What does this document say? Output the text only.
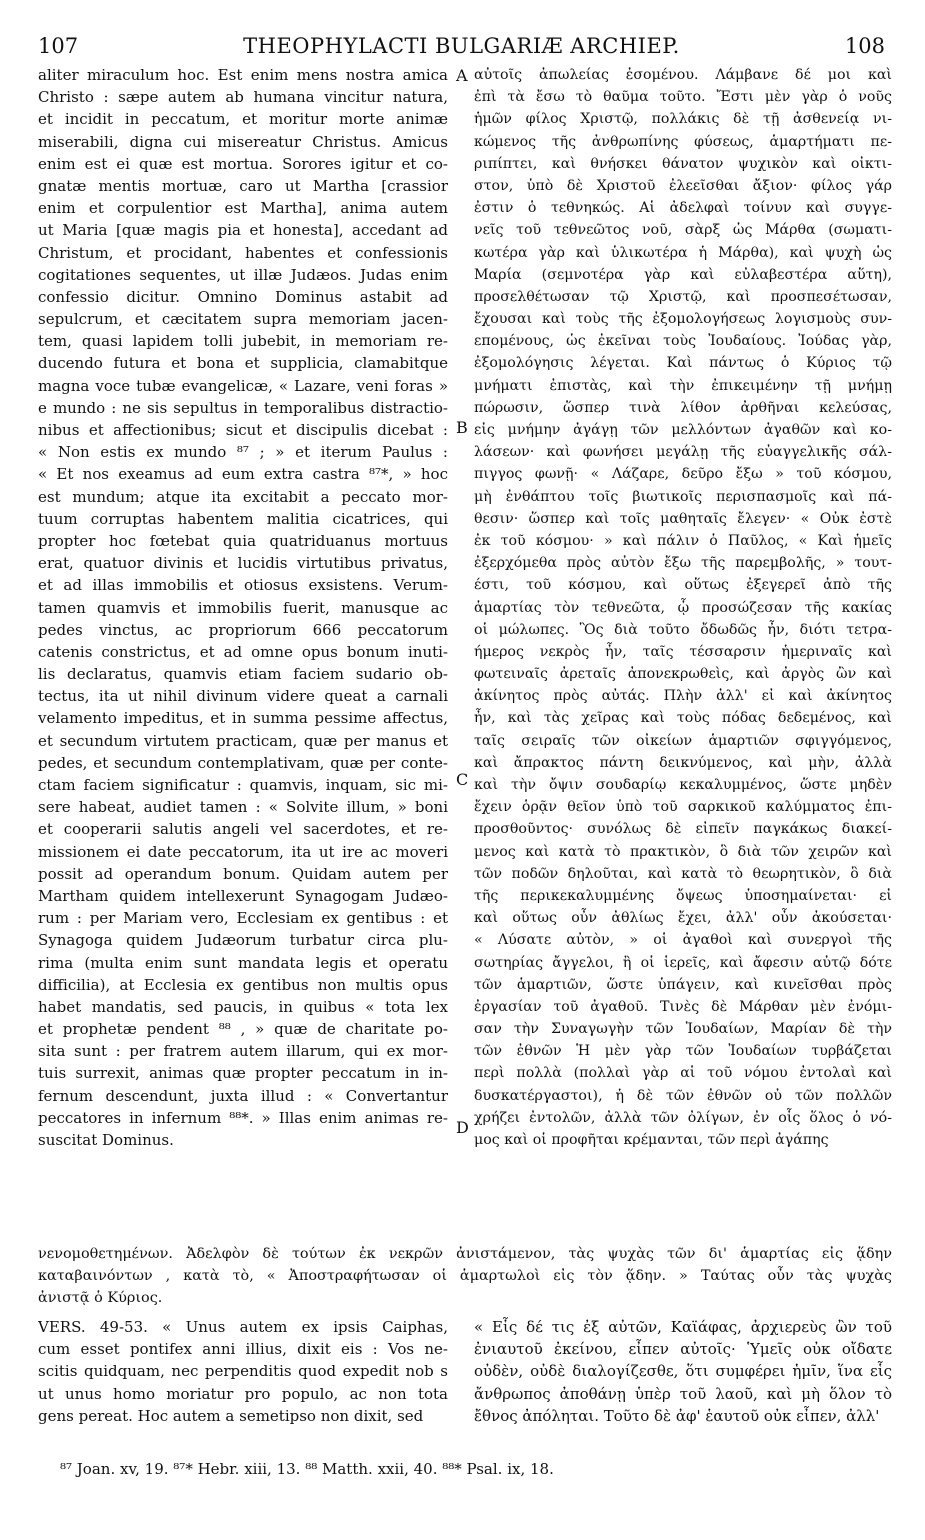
107	THEOPHYLACTI BULGARIÆ ARCHIEP.	108
aliter miraculum hoc. Est enim mens nostra amica
Christo : sæpe autem ab humana vincitur natura,
et incidit in peccatum, et moritur morte animæ
miserabili, digna cui misereatur Christus. Amicus
enim est ei quæ est mortua. Sorores igitur et co-
gnatæ mentis mortuæ, caro ut Martha [crassior
enim et corpulentior est Martha], anima autem
ut Maria [quæ magis pia et honesta], accedant ad
Christum, et procidant, habentes et confessionis
cogitationes sequentes, ut illæ Judæos. Judas enim
confessio dicitur. Omnino Dominus astabit ad
sepulcrum, et cæcitatem supra memoriam jacen-
tem, quasi lapidem tolli jubebit, in memoriam re-
ducendo futura et bona et supplicia, clamabitque
magna voce tubæ evangelicæ, « Lazare, veni foras »
e mundo : ne sis sepultus in temporalibus distractio-
nibus et affectionibus; sicut et discipulis dicebat :
« Non estis ex mundo ⁸⁷ ; » et iterum Paulus :
« Et nos exeamus ad eum extra castra ⁸⁷*, » hoc
est mundum; atque ita excitabit a peccato mor-
tuum corruptas habentem malitia cicatrices, qui
propter hoc fœtebat quia quatriduanus mortuus
erat, quatuor divinis et lucidis virtutibus privatus,
et ad illas immobilis et otiosus exsistens. Verum-
tamen quamvis et immobilis fuerit, manusque ac
pedes vinctus, ac propriorum 666 peccatorum
catenis constrictus, et ad omne opus bonum inuti-
lis declaratus, quamvis etiam faciem sudario ob-
tectus, ita ut nihil divinum videre queat a carnali
velamento impeditus, et in summa pessime affectus,
et secundum virtutem practicam, quæ per manus et
pedes, et secundum contemplativam, quæ per conte-
ctam faciem significatur : quamvis, inquam, sic mi-
sere habeat, audiet tamen : « Solvite illum, » boni
et cooperarii salutis angeli vel sacerdotes, et re-
missionem ei date peccatorum, ita ut ire ac moveri
possit ad operandum bonum. Quidam autem per
Martham quidem intellexerunt Synagogam Judæo-
rum : per Mariam vero, Ecclesiam ex gentibus : et
Synagoga quidem Judæorum turbatur circa plu-
rima (multa enim sunt mandata legis et operatu
difficilia), at Ecclesia ex gentibus non multis opus
habet mandatis, sed paucis, in quibus « tota lex
et prophetæ pendent ⁸⁸ , » quæ de charitate po-
sita sunt : per fratrem autem illarum, qui ex mor-
tuis surrexit, animas quæ propter peccatum in in-
fernum descendunt, juxta illud : « Convertantur
peccatores in infernum ⁸⁸*. » Illas enim animas re-
suscitat Dominus.
αὐτοῖς ἀπωλείας ἐσομένου. Λάμβανε δέ μοι καὶ
ἐπὶ τὰ ἔσω τὸ θαῦμα τοῦτο. Ἔστι μὲν γὰρ ὁ νοῦς
ἡμῶν φίλος Χριστῷ, πολλάκις δὲ τῇ ἀσθενείᾳ νι-
κώμενος τῆς ἀνθρωπίνης φύσεως, ἁμαρτήματι πε-
ριπίπτει, καὶ θνήσκει θάνατον ψυχικὸν καὶ οἰκτι-
στον, ὑπὸ δὲ Χριστοῦ ἐλεεῖσθαι ἄξιον· φίλος γάρ
ἐστιν ὁ τεθνηκώς. Αἱ ἀδελφαὶ τοίνυν καὶ συγγε-
νεῖς τοῦ τεθνεῶτος νοῦ, σὰρξ ὡς Μάρθα (σωματι-
κωτέρα γὰρ καὶ ὑλικωτέρα ἡ Μάρθα), καὶ ψυχὴ ὡς
Μαρία (σεμνοτέρα γὰρ καὶ εὐλαβεστέρα αὕτη),
προσελθέτωσαν τῷ Χριστῷ, καὶ προσπεσέτωσαν,
ἔχουσαι καὶ τοὺς τῆς ἐξομολογήσεως λογισμοὺς συν-
επομένους, ὡς ἐκεῖναι τοὺς Ἰουδαίους. Ἰούδας γὰρ,
ἐξομολόγησις λέγεται. Καὶ πάντως ὁ Κύριος τῷ
μνήματι ἐπιστὰς, καὶ τὴν ἐπικειμένην τῇ μνήμῃ
πώρωσιν, ὥσπερ τινὰ λίθον ἀρθῆναι κελεύσας,
εἰς μνήμην ἀγάγῃ τῶν μελλόντων ἀγαθῶν καὶ κο-
λάσεων· καὶ φωνήσει μεγάλῃ τῆς εὐαγγελικῆς σάλ-
πιγγος φωνῇ· « Λάζαρε, δεῦρο ἔξω » τοῦ κόσμου,
μὴ ἐνθάπτου τοῖς βιωτικοῖς περισπασμοῖς καὶ πά-
θεσιν· ὥσπερ καὶ τοῖς μαθηταῖς ἔλεγεν· « Οὐκ ἐστὲ
ἐκ τοῦ κόσμου· » καὶ πάλιν ὁ Παῦλος, « Καὶ ἡμεῖς
ἐξερχόμεθα πρὸς αὐτὸν ἔξω τῆς παρεμβολῆς, » τουτ-
έστι, τοῦ κόσμου, καὶ οὕτως ἐξεγερεῖ ἀπὸ τῆς
ἁμαρτίας τὸν τεθνεῶτα, ᾧ προσώζεσαν τῆς κακίας
οἱ μώλωπες. Ὃς διὰ τοῦτο ὄδωδῶς ἦν, διότι τετρα-
ήμερος νεκρὸς ἦν, ταῖς τέσσαρσιν ἡμεριναῖς καὶ
φωτειναῖς ἀρεταῖς ἀπονεκρωθεὶς, καὶ ἀργὸς ὢν καὶ
ἀκίνητος πρὸς αὐτάς. Πλὴν ἀλλ' εἰ καὶ ἀκίνητος
ἦν, καὶ τὰς χεῖρας καὶ τοὺς πόδας δεδεμένος, καὶ
ταῖς σειραῖς τῶν οἰκείων ἁμαρτιῶν σφιγγόμενος,
καὶ ἄπρακτος πάντη δεικνύμενος, καὶ μὴν, ἀλλὰ
καὶ τὴν ὄψιν σουδαρίῳ κεκαλυμμένος, ὥστε μηδὲν
ἔχειν ὁρᾷν θεῖον ὑπὸ τοῦ σαρκικοῦ καλύμματος ἐπι-
προσθοῦντος· συνόλως δὲ εἰπεῖν παγκάκως διακεί-
μενος καὶ κατὰ τὸ πρακτικὸν, ὃ διὰ τῶν χειρῶν καὶ
τῶν ποδῶν δηλοῦται, καὶ κατὰ τὸ θεωρητικὸν, ὃ διὰ
τῆς περικεκαλυμμένης ὄψεως ὑποσημαίνεται· εἰ
καὶ οὕτως οὖν ἀθλίως ἔχει, ἀλλ' οὖν ἀκούσεται·
« Λύσατε αὐτὸν, » οἱ ἀγαθοὶ καὶ συνεργοὶ τῆς
σωτηρίας ἄγγελοι, ἢ οἱ ἱερεῖς, καὶ ἄφεσιν αὐτῷ δότε
τῶν ἁμαρτιῶν, ὥστε ὑπάγειν, καὶ κινεῖσθαι πρὸς
ἐργασίαν τοῦ ἀγαθοῦ. Τινὲς δὲ Μάρθαν μὲν ἐνόμι-
σαν τὴν Συναγωγὴν τῶν Ἰουδαίων, Μαρίαν δὲ τὴν
τῶν ἐθνῶν Ἡ μὲν γὰρ τῶν Ἰουδαίων τυρβάζεται
περὶ πολλὰ (πολλαὶ γὰρ αἱ τοῦ νόμου ἐντολαὶ καὶ
δυσκατέργαστοι), ἡ δὲ τῶν ἐθνῶν οὐ τῶν πολλῶν
χρήζει ἐντολῶν, ἀλλὰ τῶν ὀλίγων, ἐν οἷς ὅλος ὁ νό-
μος καὶ οἱ προφῆται κρέμανται, τῶν περὶ ἀγάπης
A
B
C
D
νενομοθετημένων. Ἀδελφὸν δὲ τούτων ἐκ νεκρῶν ἀνιστάμενον, τὰς ψυχὰς τῶν δι' ἁμαρτίας εἰς ᾅδην
καταβαινόντων , κατὰ τὸ, « Ἀποστραφήτωσαν οἱ ἁμαρτωλοὶ εἰς τὸν ᾅδην. » Ταύτας οὖν τὰς ψυχὰς
ἀνιστᾷ ὁ Κύριος.
VERS. 49-53. « Unus autem ex ipsis Caiphas,
cum esset pontifex anni illius, dixit eis : Vos ne-
scitis quidquam, nec perpenditis quod expedit nob s
ut unus homo moriatur pro populo, ac non tota
gens pereat. Hoc autem a semetipso non dixit, sed
« Εἷς δέ τις ἐξ αὐτῶν, Καϊάφας, ἀρχιερεὺς ὢν τοῦ
ἐνιαυτοῦ ἐκείνου, εἶπεν αὐτοῖς· Ὑμεῖς οὐκ οἴδατε
οὐδὲν, οὐδὲ διαλογίζεσθε, ὅτι συμφέρει ἡμῖν, ἵνα εἷς
ἄνθρωπος ἀποθάνῃ ὑπὲρ τοῦ λαοῦ, καὶ μὴ ὅλον τὸ
ἔθνος ἀπόληται. Τοῦτο δὲ ἀφ' ἑαυτοῦ οὐκ εἶπεν, ἀλλ'
⁸⁷ Joan. xv, 19. ⁸⁷* Hebr. xiii, 13. ⁸⁸ Matth. xxii, 40. ⁸⁸* Psal. ix, 18.
